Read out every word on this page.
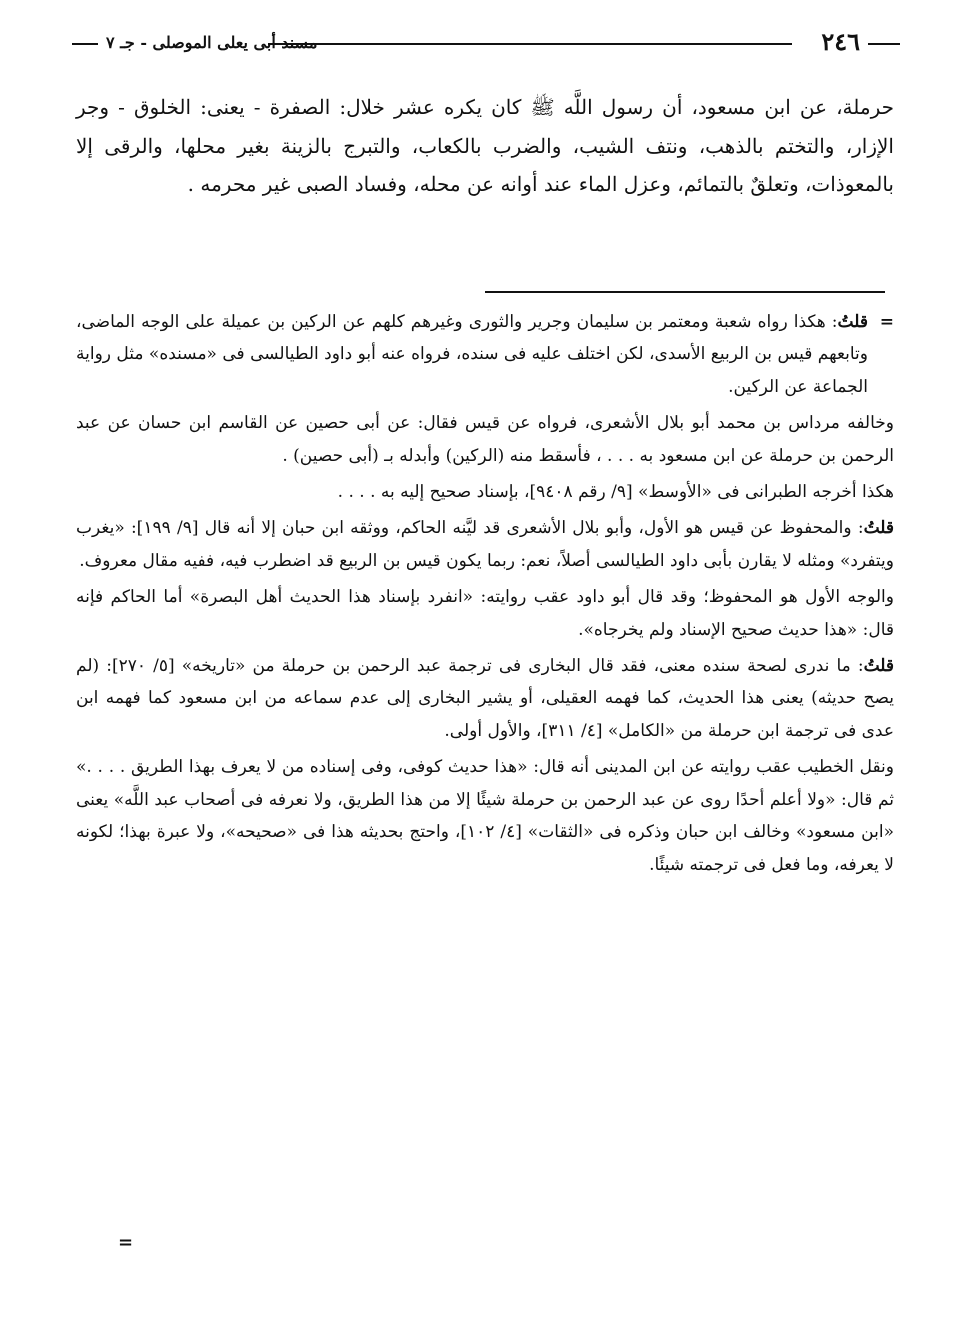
٢٤٦
مسند أبى يعلى الموصلى - جـ ٧
حرملة، عن ابن مسعود، أن رسول اللَّه ﷺ كان يكره عشر خلال: الصفرة - يعنى: الخلوق - وجر الإزار، والتختم بالذهب، ونتف الشيب، والضرب بالكعاب، والتبرج بالزينة بغير محلها، والرقى إلا بالمعوذات، وتعلقٌ بالتمائم، وعزل الماء عند أوانه عن محله، وفساد الصبى غير محرمه .

=
قلتُ: هكذا رواه شعبة ومعتمر بن سليمان وجرير والثورى وغيرهم كلهم عن الركين بن عميلة على الوجه الماضى، وتابعهم قيس بن الربيع الأسدى، لكن اختلف عليه فى سنده، فرواه عنه أبو داود الطيالسى فى «مسنده» مثل رواية الجماعة عن الركين.

وخالفه مرداس بن محمد أبو بلال الأشعرى، فرواه عن قيس فقال: عن أبى حصين عن القاسم ابن حسان عن عبد الرحمن بن حرملة عن ابن مسعود به . . . ، فأسقط منه (الركين) وأبدله بـ (أبى حصين) .

هكذا أخرجه الطبرانى فى «الأوسط» [٩/ رقم ٩٤٠٨]، بإسناد صحيح إليه به . . . .

قلتُ: والمحفوظ عن قيس هو الأول، وأبو بلال الأشعرى قد ليَّنه الحاكم، ووثقه ابن حبان إلا أنه قال [٩/ ١٩٩]: «يغرب ويتفرد» ومثله لا يقارن بأبى داود الطيالسى أصلاً، نعم: ربما يكون قيس بن الربيع قد اضطرب فيه، ففيه مقال معروف.

والوجه الأول هو المحفوظ؛ وقد قال أبو داود عقب روايته: «انفرد بإسناد هذا الحديث أهل البصرة» أما الحاكم فإنه قال: «هذا حديث صحيح الإسناد ولم يخرجاه».

قلتُ: ما ندرى لصحة سنده معنى، فقد قال البخارى فى ترجمة عبد الرحمن بن حرملة من «تاريخه» [٥/ ٢٧٠]: (لم يصح حديثه) يعنى هذا الحديث، كما فهمه العقيلى، أو يشير البخارى إلى عدم سماعه من ابن مسعود كما فهمه ابن عدى فى ترجمة ابن حرملة من «الكامل» [٤/ ٣١١]، والأول أولى.

ونقل الخطيب عقب روايته عن ابن المدينى أنه قال: «هذا حديث كوفى، وفى إسناده من لا يعرف بهذا الطريق . . . .» ثم قال: «ولا أعلم أحدًا روى عن عبد الرحمن بن حرملة شيئًا إلا من هذا الطريق، ولا نعرفه فى أصحاب عبد اللَّه» يعنى «ابن مسعود» وخالف ابن حبان وذكره فى «الثقات» [٤/ ١٠٢]، واحتج بحديثه هذا فى «صحيحه»، ولا عبرة بهذا؛ لكونه لا يعرفه، وما فعل فى ترجمته شيئًا.

=
